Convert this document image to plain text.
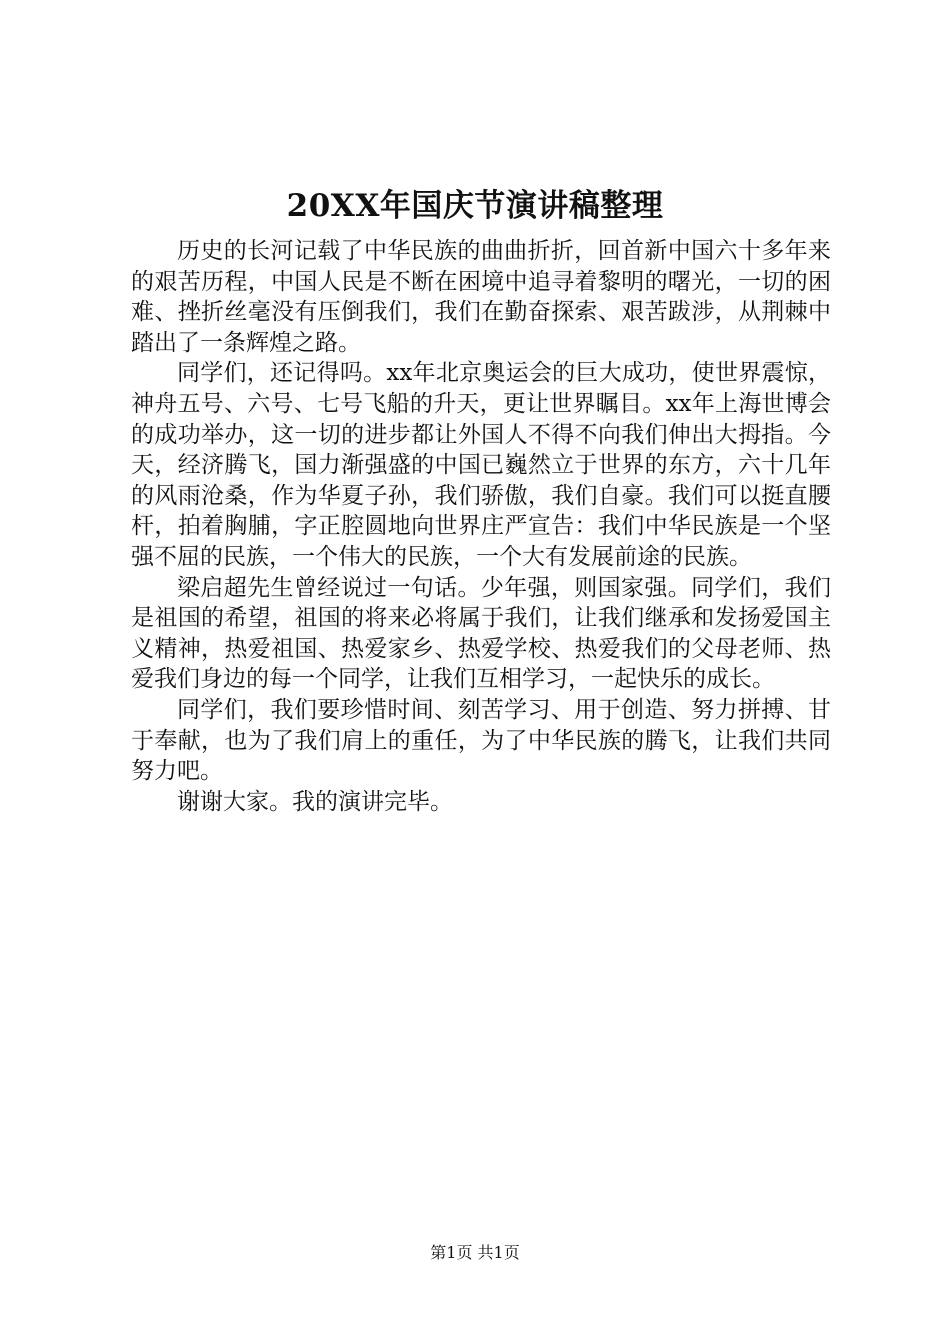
20XX年国庆节演讲稿整理

历史的长河记载了中华民族的曲曲折折，回首新中国六十多年来的艰苦历程，中国人民是不断在困境中追寻着黎明的曙光，一切的困难、挫折丝毫没有压倒我们，我们在勤奋探索、艰苦跋涉，从荆棘中踏出了一条辉煌之路。

同学们，还记得吗。xx年北京奥运会的巨大成功，使世界震惊，神舟五号、六号、七号飞船的升天，更让世界瞩目。xx年上海世博会的成功举办，这一切的进步都让外国人不得不向我们伸出大拇指。今天，经济腾飞，国力渐强盛的中国已巍然立于世界的东方，六十几年的风雨沧桑，作为华夏子孙，我们骄傲，我们自豪。我们可以挺直腰杆，拍着胸脯，字正腔圆地向世界庄严宣告：我们中华民族是一个坚强不屈的民族，一个伟大的民族，一个大有发展前途的民族。

梁启超先生曾经说过一句话。少年强，则国家强。同学们，我们是祖国的希望，祖国的将来必将属于我们，让我们继承和发扬爱国主义精神，热爱祖国、热爱家乡、热爱学校、热爱我们的父母老师、热爱我们身边的每一个同学，让我们互相学习，一起快乐的成长。

同学们，我们要珍惜时间、刻苦学习、用于创造、努力拼搏、甘于奉献，也为了我们肩上的重任，为了中华民族的腾飞，让我们共同努力吧。

谢谢大家。我的演讲完毕。

第1页 共1页
